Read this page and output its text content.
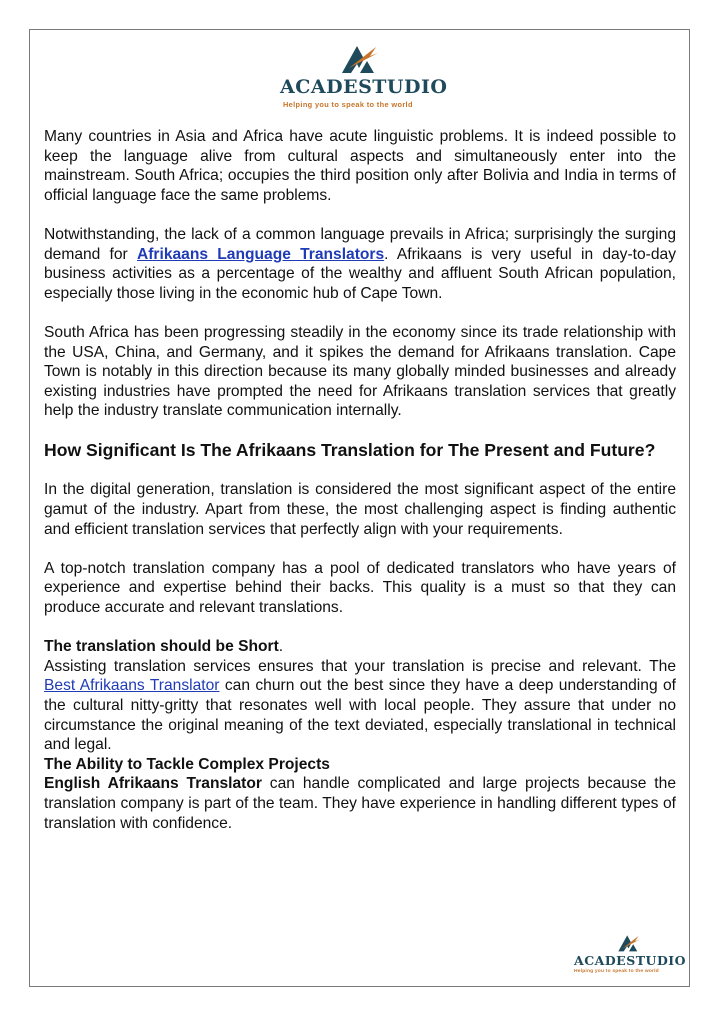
ACADESTUDIO
Helping you to speak to the world

Many countries in Asia and Africa have acute linguistic problems. It is indeed possible to keep the language alive from cultural aspects and simultaneously enter into the mainstream. South Africa; occupies the third position only after Bolivia and India in terms of official language face the same problems.

Notwithstanding, the lack of a common language prevails in Africa; surprisingly the surging demand for Afrikaans Language Translators. Afrikaans is very useful in day-to-day business activities as a percentage of the wealthy and affluent South African population, especially those living in the economic hub of Cape Town.

South Africa has been progressing steadily in the economy since its trade relationship with the USA, China, and Germany, and it spikes the demand for Afrikaans translation. Cape Town is notably in this direction because its many globally minded businesses and already existing industries have prompted the need for Afrikaans translation services that greatly help the industry translate communication internally.

How Significant Is The Afrikaans Translation for The Present and Future?

In the digital generation, translation is considered the most significant aspect of the entire gamut of the industry. Apart from these, the most challenging aspect is finding authentic and efficient translation services that perfectly align with your requirements.

A top-notch translation company has a pool of dedicated translators who have years of experience and expertise behind their backs. This quality is a must so that they can produce accurate and relevant translations.

The translation should be Short.

Assisting translation services ensures that your translation is precise and relevant. The Best Afrikaans Translator can churn out the best since they have a deep understanding of the cultural nitty-gritty that resonates well with local people. They assure that under no circumstance the original meaning of the text deviated, especially translational in technical and legal.

The Ability to Tackle Complex Projects

English Afrikaans Translator can handle complicated and large projects because the translation company is part of the team. They have experience in handling different types of translation with confidence.

ACADESTUDIO
Helping you to speak to the world
